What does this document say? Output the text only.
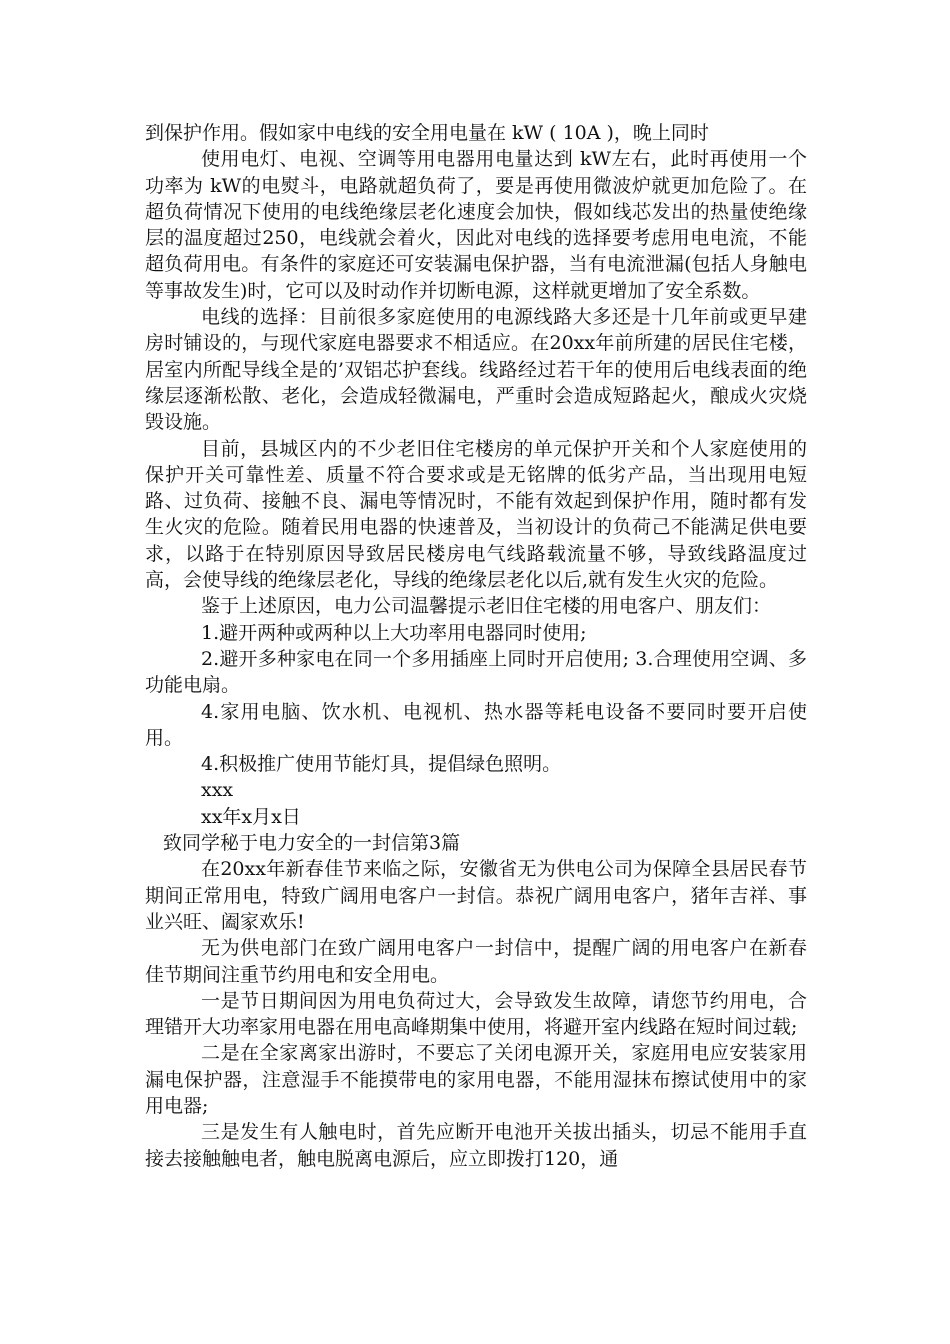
到保护作用。假如家中电线的安全用电量在 kW ( 10A )，晚上同时

使用电灯、电视、空调等用电器用电量达到 kW左右，此时再使用一个功率为 kW的电熨斗，电路就超负荷了，要是再使用微波炉就更加危险了。在超负荷情况下使用的电线绝缘层老化速度会加快，假如线芯发出的热量使绝缘层的温度超过250，电线就会着火，因此对电线的选择要考虑用电电流，不能超负荷用电。有条件的家庭还可安装漏电保护器，当有电流泄漏(包括人身触电等事故发生)时，它可以及时动作并切断电源，这样就更增加了安全系数。

电线的选择：目前很多家庭使用的电源线路大多还是十几年前或更早建房时铺设的，与现代家庭电器要求不相适应。在20xx年前所建的居民住宅楼，居室内所配导线全是的’双铝芯护套线。线路经过若干年的使用后电线表面的绝缘层逐渐松散、老化，会造成轻微漏电，严重时会造成短路起火，酿成火灾烧毁设施。

目前，县城区内的不少老旧住宅楼房的单元保护开关和个人家庭使用的保护开关可靠性差、质量不符合要求或是无铭牌的低劣产品，当出现用电短路、过负荷、接触不良、漏电等情况时，不能有效起到保护作用，随时都有发生火灾的危险。随着民用电器的快速普及，当初设计的负荷己不能满足供电要求，以路于在特别原因导致居民楼房电气线路载流量不够，导致线路温度过高，会使导线的绝缘层老化，导线的绝缘层老化以后,就有发生火灾的危险。

鉴于上述原因，电力公司温馨提示老旧住宅楼的用电客户、朋友们：

1.避开两种或两种以上大功率用电器同时使用;

2.避开多种家电在同一个多用插座上同时开启使用; 3.合理使用空调、多功能电扇。

4.家用电脑、饮水机、电视机、热水器等耗电设备不要同时要开启使用。

4.积极推广使用节能灯具，提倡绿色照明。

xxx

xx年x月x日

致同学秘于电力安全的一封信第3篇

在20xx年新春佳节来临之际，安徽省无为供电公司为保障全县居民春节期间正常用电，特致广阔用电客户一封信。恭祝广阔用电客户，猪年吉祥、事业兴旺、阖家欢乐!

无为供电部门在致广阔用电客户一封信中，提醒广阔的用电客户在新春佳节期间注重节约用电和安全用电。

一是节日期间因为用电负荷过大，会导致发生故障，请您节约用电，合理错开大功率家用电器在用电高峰期集中使用，将避开室内线路在短时间过载;

二是在全家离家出游时，不要忘了关闭电源开关，家庭用电应安装家用漏电保护器，注意湿手不能摸带电的家用电器，不能用湿抹布擦试使用中的家用电器;

三是发生有人触电时，首先应断开电池开关拔出插头，切忌不能用手直接去接触触电者，触电脱离电源后，应立即拨打120，通
